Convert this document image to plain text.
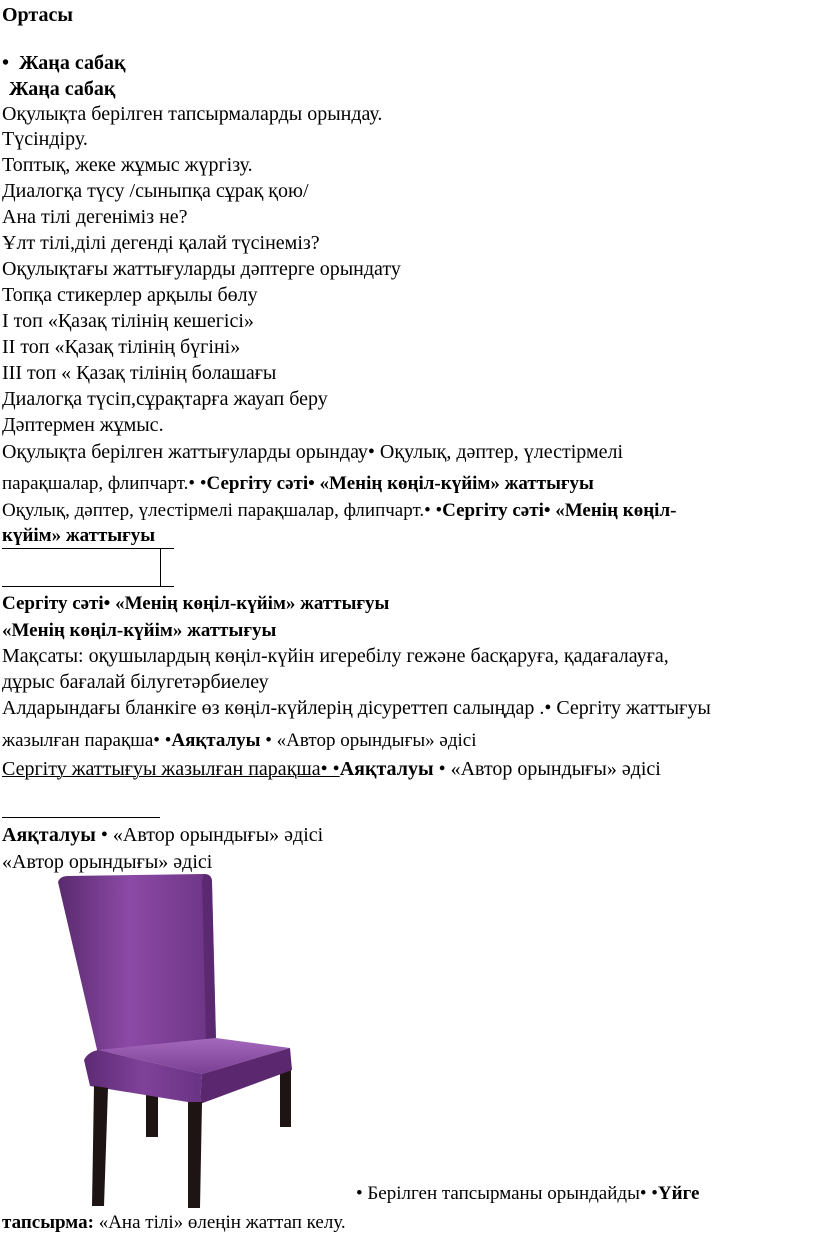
Ортасы
• Жаңа сабақ
Жаңа сабақ
Оқулықта берілген тапсырмаларды орындау.
Түсіндіру.
Топтық, жеке жұмыс жүргізу.
Диалогқа түсу /сыныпқа сұрақ қою/
Ана тілі дегеніміз не?
Ұлт тілі,ділі дегенді қалай түсінеміз?
Оқулықтағы жаттығуларды дәптерге орындату
Топқа стикерлер арқылы бөлу
I топ «Қазақ тілінің кешегісі»
II топ «Қазақ тілінің бүгіні»
III топ « Қазақ тілінің болашағы
Диалогқа түсіп,сұрақтарға жауап беру
Дәптермен жұмыс.
Оқулықта берілген жаттығуларды орындау• Оқулық, дәптер, үлестірмелі
парақшалар, флипчарт.• •Сергіту сәті• «Менің көңіл-күйім» жаттығуы
Оқулық, дәптер, үлестірмелі парақшалар, флипчарт.• •Сергіту сәті• «Менің көңіл-
күйім» жаттығуы
Сергіту сәті• «Менің көңіл-күйім» жаттығуы
«Менің көңіл-күйім» жаттығуы
Мақсаты: оқушылардың көңіл-күйін игеребілу гежәне басқаруға, қадағалауға,
дұрыс бағалай білугетәрбиелеу
Алдарындағы бланкіге өз көңіл-күйлерің дісуреттеп салыңдар .• Сергіту жаттығуы
жазылған парақша• •Аяқталуы • «Автор орындығы» әдісі
Сергіту жаттығуы жазылған парақша• •Аяқталуы • «Автор орындығы» әдісі
Аяқталуы • «Автор орындығы» әдісі
«Автор орындығы» әдісі
• Берілген тапсырманы орындайды• •Үйге
тапсырма: «Ана тілі» өлеңін жаттап келу.
